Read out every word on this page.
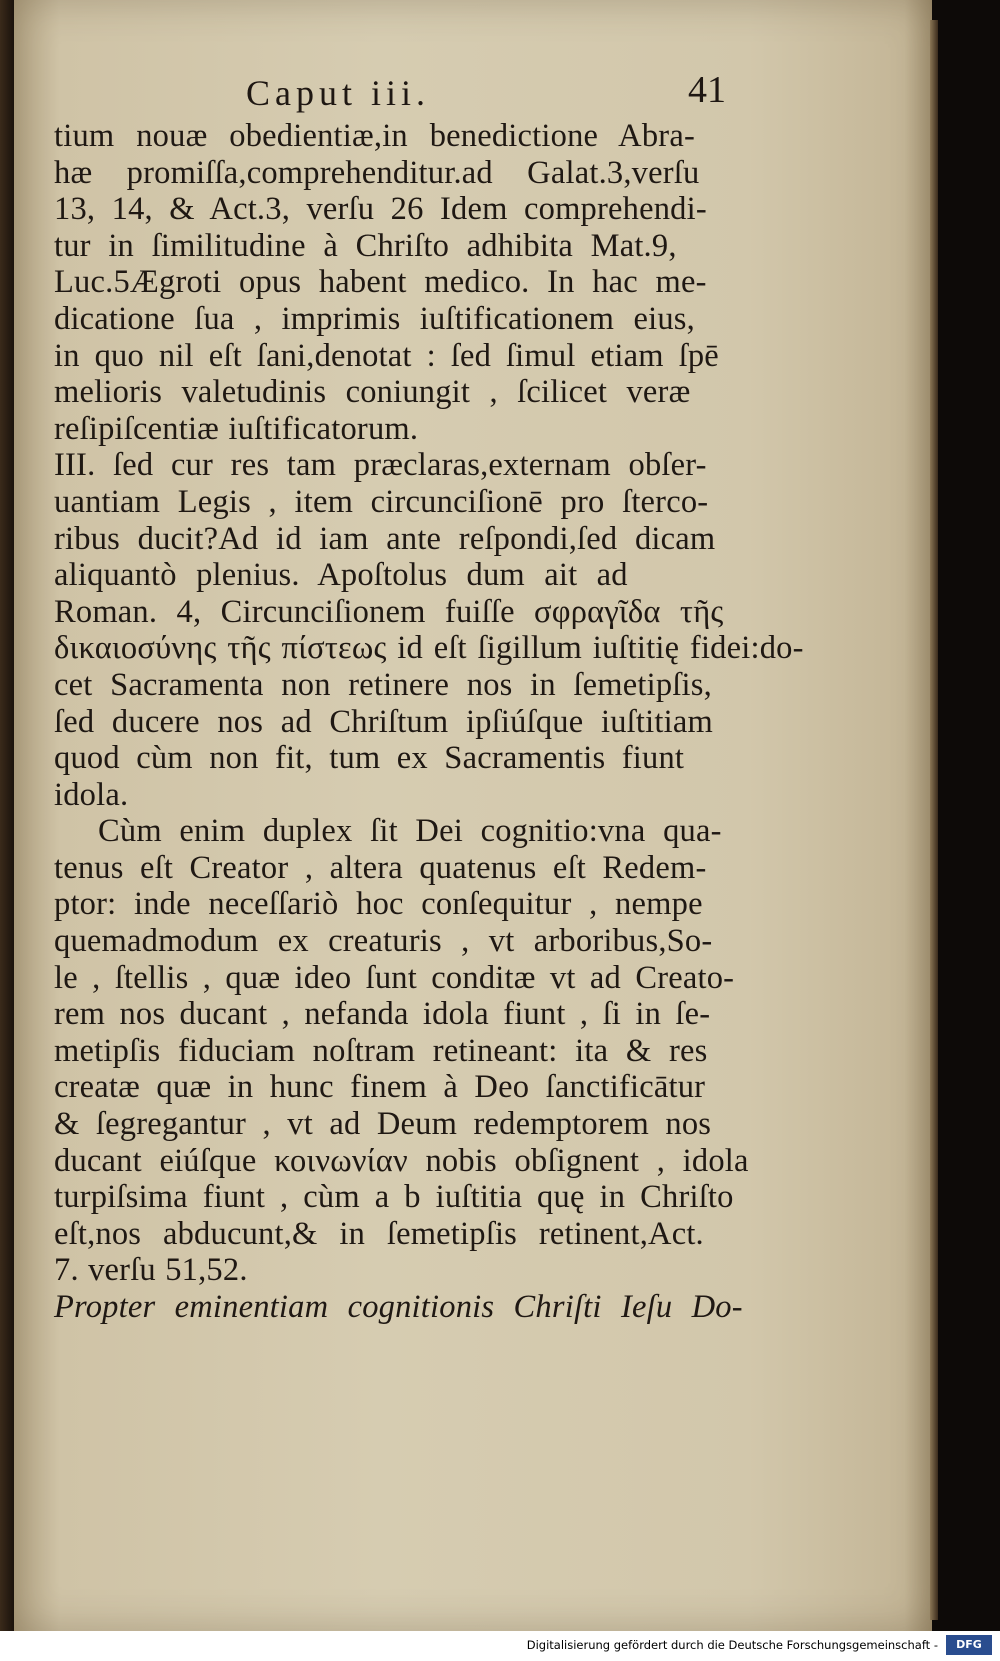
Caput iii.	41
tium nouæ obedientiæ,in benedictione Abra-
hæ promiſſa,comprehenditur.ad Galat.3,verſu
13, 14, & Act.3, verſu 26 Idem comprehendi-
tur in ſimilitudine à Chriſto adhibita Mat.9,
Luc.5Ægroti opus habent medico. In hac me-
dicatione ſua , imprimis iuſtificationem eius,
in quo nil eſt ſani,denotat : ſed ſimul etiam ſpē
melioris valetudinis coniungit , ſcilicet veræ
reſipiſcentiæ iuſtificatorum.
III. ſed cur res tam præclaras,externam obſer-
uantiam Legis , item circunciſionē pro ſterco-
ribus ducit?Ad id iam ante reſpondi,ſed dicam
aliquantò plenius. Apoſtolus dum ait ad
Roman. 4, Circunciſionem fuiſſe σφραγῖδα τῆς
δικαιοσύνης τῆς πίστεως id eſt ſigillum iuſtitię fidei:do-
cet Sacramenta non retinere nos in ſemetipſis,
ſed ducere nos ad Chriſtum ipſiúſque iuſtitiam
quod cùm non fit, tum ex Sacramentis fiunt
idola.
Cùm enim duplex ſit Dei cognitio:vna qua-
tenus eſt Creator , altera quatenus eſt Redem-
ptor: inde neceſſariò hoc conſequitur , nempe
quemadmodum ex creaturis , vt arboribus,So-
le , ſtellis , quæ ideo ſunt conditæ vt ad Creato-
rem nos ducant , nefanda idola fiunt , ſi in ſe-
metipſis fiduciam noſtram retineant: ita & res
creatæ quæ in hunc finem à Deo ſanctificātur
& ſegregantur , vt ad Deum redemptorem nos
ducant eiúſque κοινωνίαν nobis obſignent , idola
turpiſsima fiunt , cùm a b iuſtitia quę in Chriſto
eſt,nos abducunt,& in ſemetipſis retinent,Act.
7. verſu 51,52.
Propter eminentiam cognitionis Chriſti Ieſu Do-
Digitalisierung gefördert durch die Deutsche Forschungsgemeinschaft -	DFG
